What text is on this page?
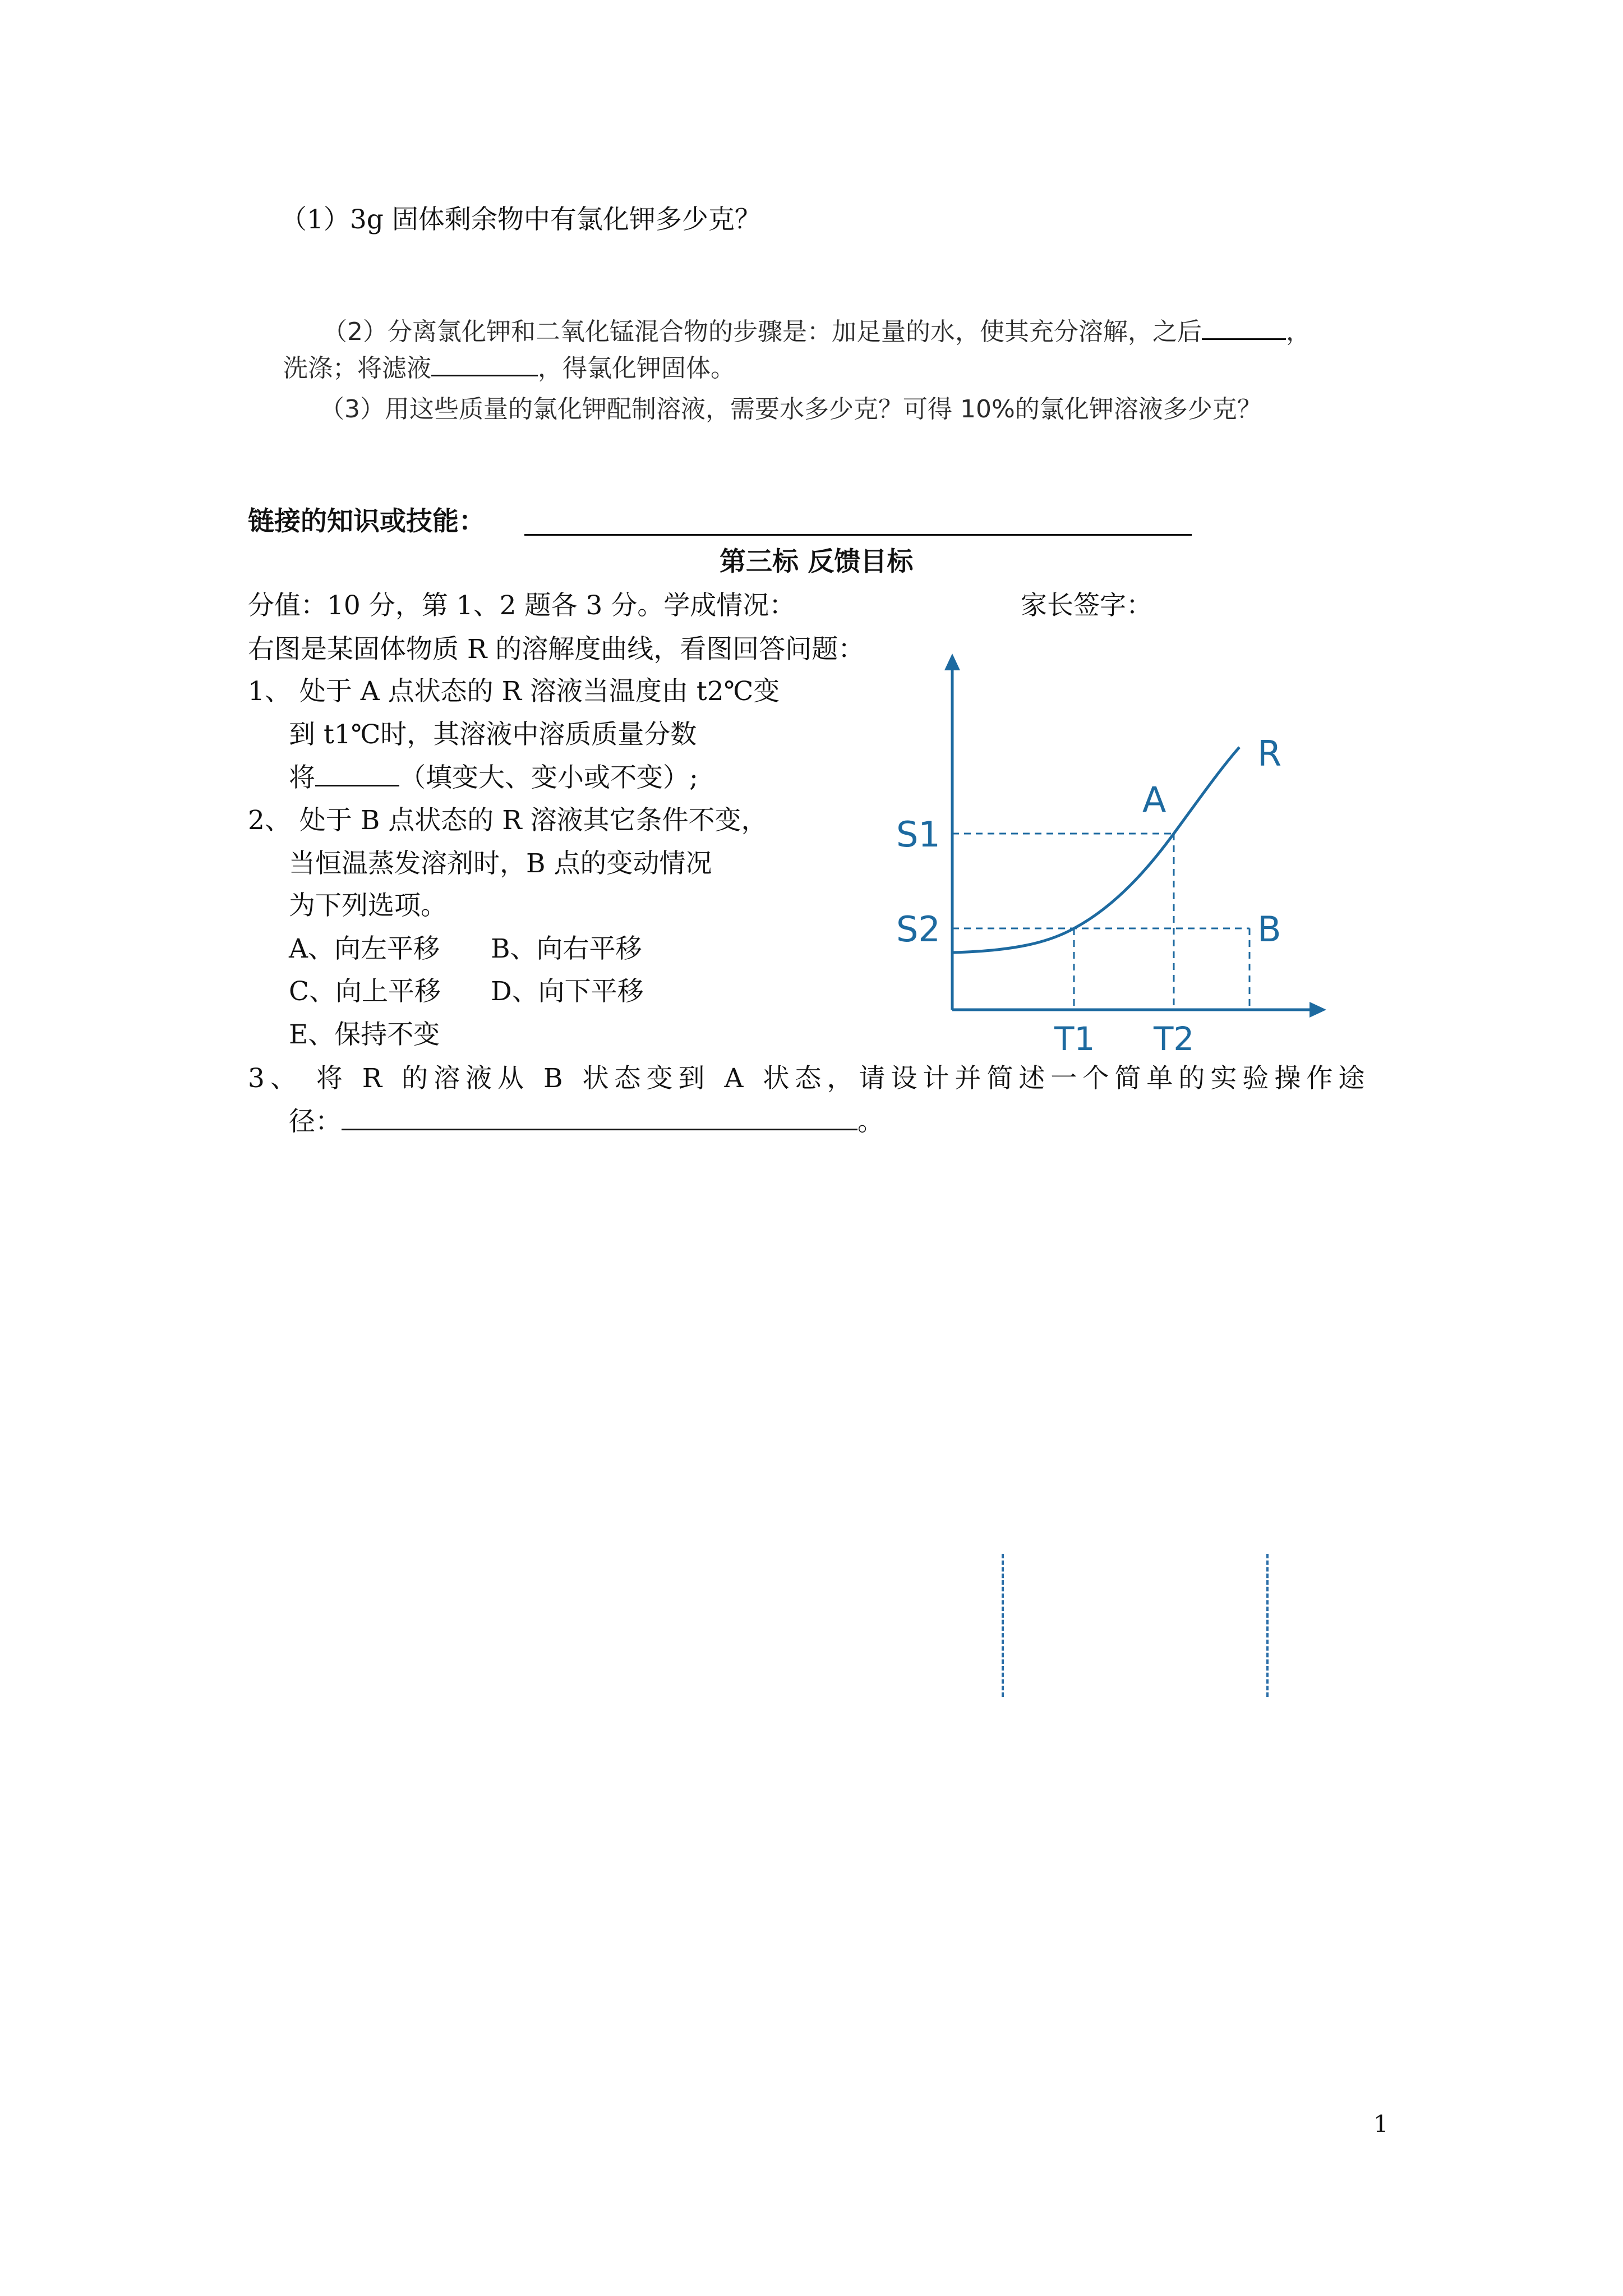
（1）3g 固体剩余物中有氯化钾多少克？
（2）分离氯化钾和二氧化锰混合物的步骤是：加足量的水，使其充分溶解，之后	，
洗涤；将滤液	，得氯化钾固体。
（3）用这些质量的氯化钾配制溶液，需要水多少克？可得 10%的氯化钾溶液多少克？
链接的知识或技能：
第三标 反馈目标
分值：10 分，第 1、2 题各 3 分。学成情况：	家长签字：
右图是某固体物质 R 的溶解度曲线，看图回答问题：
1、 处于 A 点状态的 R 溶液当温度由 t2℃变
到 t1℃时，其溶液中溶质质量分数
将	（填变大、变小或不变）;
2、 处于 B 点状态的 R 溶液其它条件不变，
当恒温蒸发溶剂时，B 点的变动情况
为下列选项。
A、向左平移 B、向右平移
C、向上平移 D、向下平移
E、保持不变
3、 将 R 的溶液从 B 状态变到 A 状态，请设计并简述一个简单的实验操作途
径：	。
R
A
B
S1
S2
T1 T2
1
